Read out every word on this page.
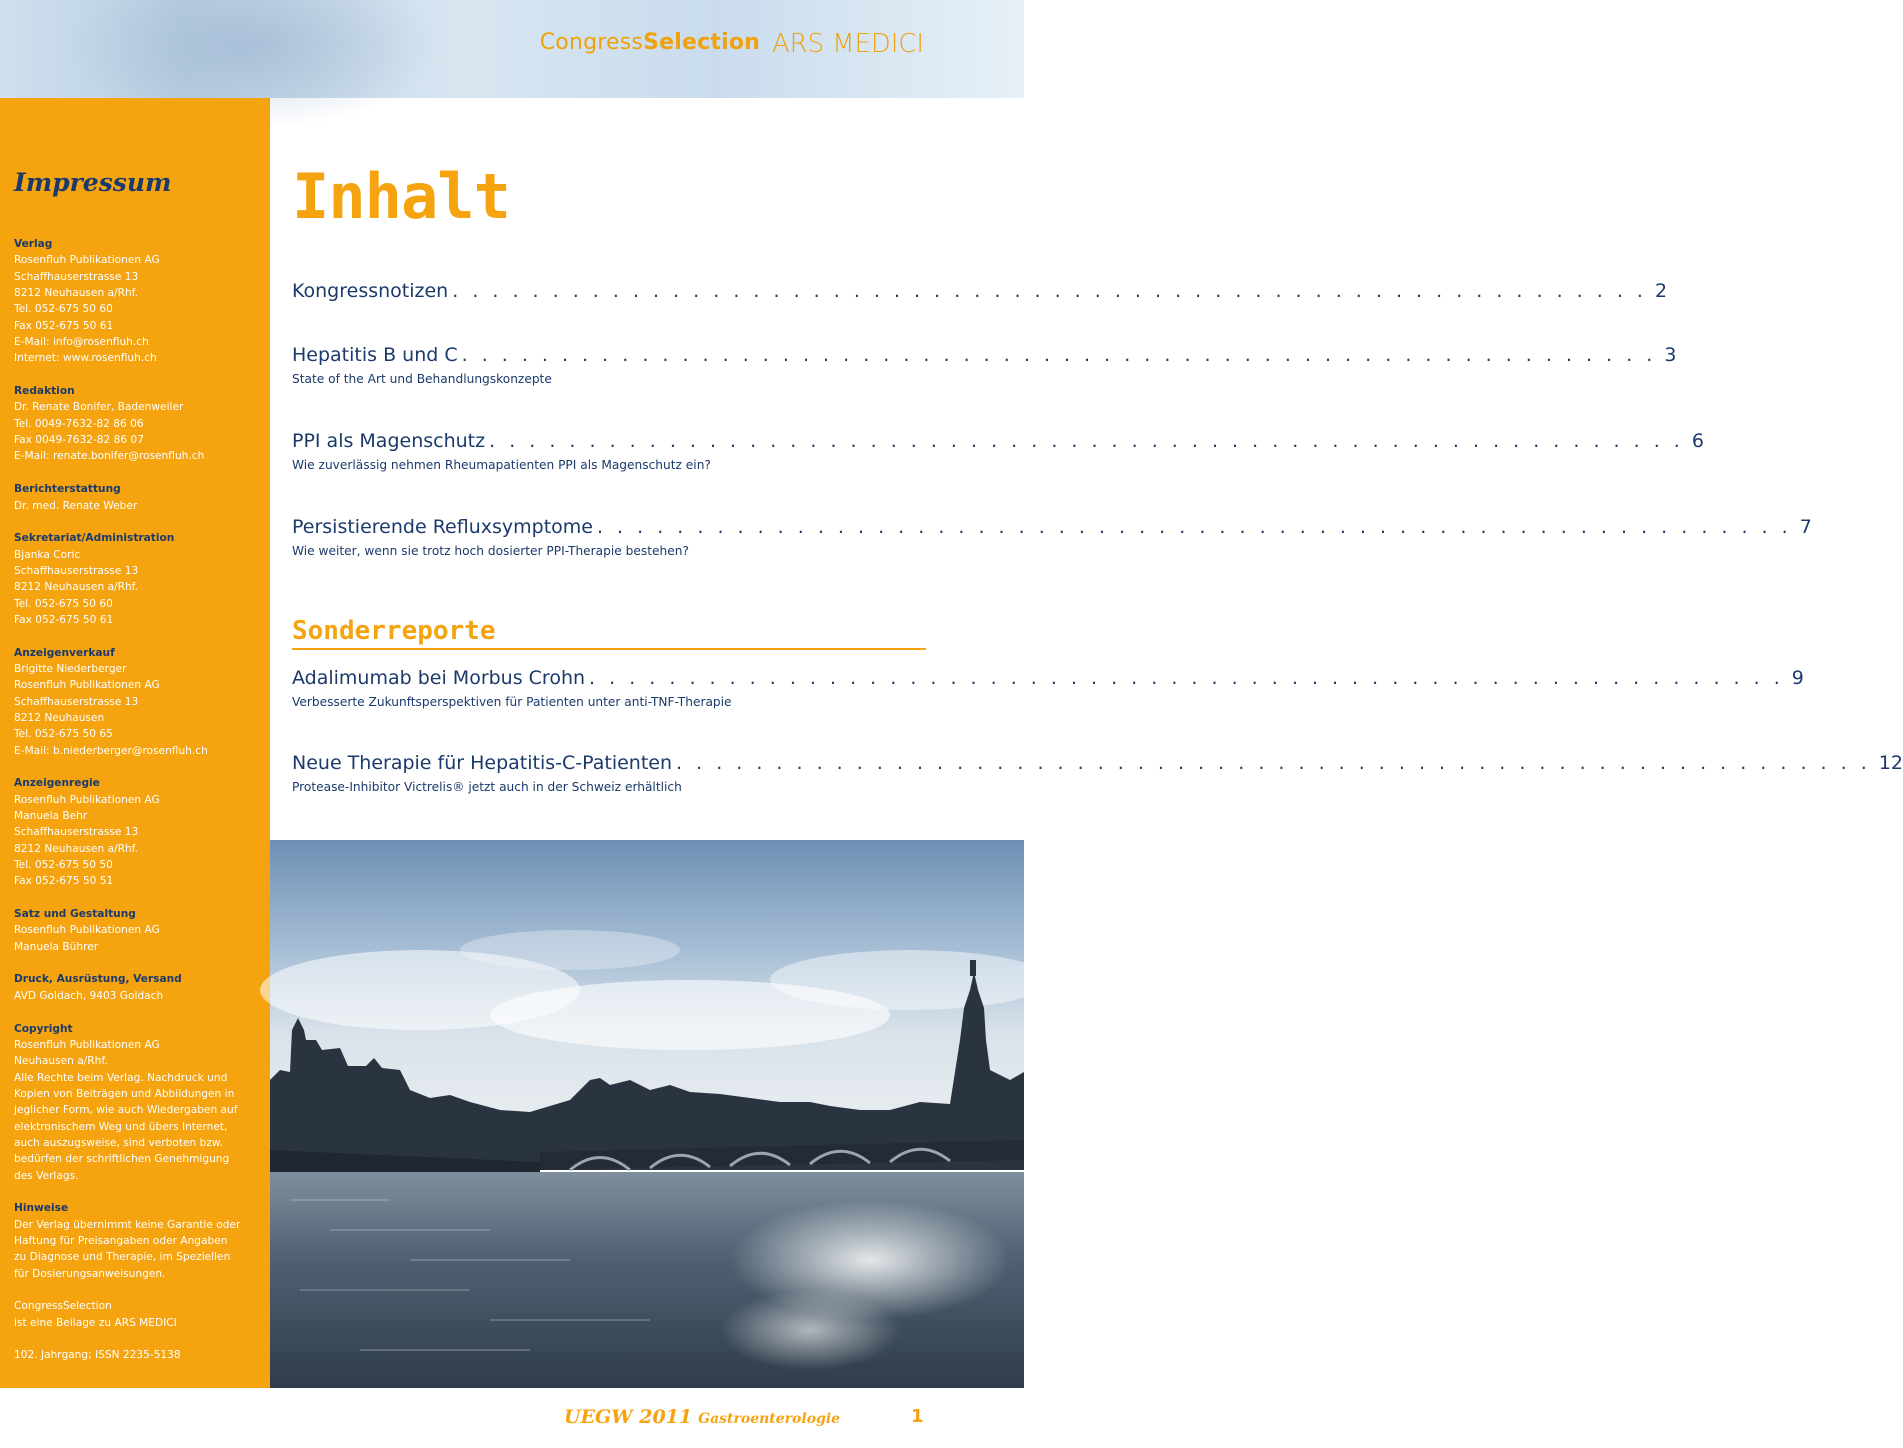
CongressSelection ARS MEDICI
Impressum
Verlag
Rosenfluh Publikationen AG
Schaffhauserstrasse 13
8212 Neuhausen a/Rhf.
Tel. 052-675 50 60
Fax 052-675 50 61
E-Mail: info@rosenfluh.ch
Internet: www.rosenfluh.ch
Redaktion
Dr. Renate Bonifer, Badenweiler
Tel. 0049-7632-82 86 06
Fax 0049-7632-82 86 07
E-Mail: renate.bonifer@rosenfluh.ch
Berichterstattung
Dr. med. Renate Weber
Sekretariat/Administration
Bjanka Coric
Schaffhauserstrasse 13
8212 Neuhausen a/Rhf.
Tel. 052-675 50 60
Fax 052-675 50 61
Anzeigenverkauf
Brigitte Niederberger
Rosenfluh Publikationen AG
Schaffhauserstrasse 13
8212 Neuhausen
Tel. 052-675 50 65
E-Mail: b.niederberger@rosenfluh.ch
Anzeigenregie
Rosenfluh Publikationen AG
Manuela Behr
Schaffhauserstrasse 13
8212 Neuhausen a/Rhf.
Tel. 052-675 50 50
Fax 052-675 50 51
Satz und Gestaltung
Rosenfluh Publikationen AG
Manuela Bührer
Druck, Ausrüstung, Versand
AVD Goldach, 9403 Goldach
Copyright
Rosenfluh Publikationen AG
Neuhausen a/Rhf.
Alle Rechte beim Verlag. Nachdruck und
Kopien von Beiträgen und Abbildungen in
jeglicher Form, wie auch Wiedergaben auf
elektronischem Weg und übers Internet,
auch auszugsweise, sind verboten bzw.
bedürfen der schriftlichen Genehmigung
des Verlags.
Hinweise
Der Verlag übernimmt keine Garantie oder
Haftung für Preisangaben oder Angaben
zu Diagnose und Therapie, im Speziellen
für Dosierungsanweisungen.
CongressSelection
ist eine Beilage zu ARS MEDICI
102. Jahrgang; ISSN 2235-5138
Inhalt
Kongressnotizen . . . . . . . . . . . . . . . . . . . . . . . . . . . . . . . . . . . . . . . . . . . . . . . . . . . . . . . . . . . . 2
Hepatitis B und C . . . . . . . . . . . . . . . . . . . . . . . . . . . . . . . . . . . . . . . . . . . . . . . . . . . . . . . . . . . . 3
State of the Art und Behandlungskonzepte
PPI als Magenschutz . . . . . . . . . . . . . . . . . . . . . . . . . . . . . . . . . . . . . . . . . . . . . . . . . . . . . . . . . . . . 6
Wie zuverlässig nehmen Rheumapatienten PPI als Magenschutz ein?
Persistierende Refluxsymptome . . . . . . . . . . . . . . . . . . . . . . . . . . . . . . . . . . . . . . . . . . . . . . . . . . . . . . . . . . . . 7
Wie weiter, wenn sie trotz hoch dosierter PPI-Therapie bestehen?
Adalimumab bei Morbus Crohn . . . . . . . . . . . . . . . . . . . . . . . . . . . . . . . . . . . . . . . . . . . . . . . . . . . . . . . . . . . . 9
Verbesserte Zukunftsperspektiven für Patienten unter anti-TNF-Therapie
Neue Therapie für Hepatitis-C-Patienten . . . . . . . . . . . . . . . . . . . . . . . . . . . . . . . . . . . . . . . . . . . . . . . . . . . . . . . . . . . . 12
Protease-Inhibitor Victrelis® jetzt auch in der Schweiz erhältlich
Sonderreporte
UEGW 2011 Gastroenterologie	1
